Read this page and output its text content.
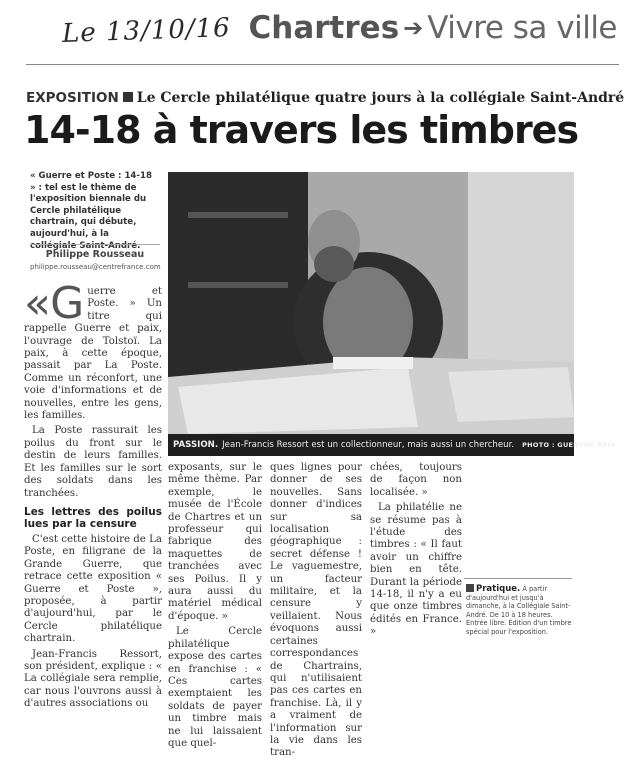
Le 13/10/16 Chartres ➔ Vivre sa ville
EXPOSITION Le Cercle philatélique quatre jours à la collégiale Saint-André
14-18 à travers les timbres
« Guerre et Poste : 14-18 » : tel est le thème de l'exposition biennale du Cercle philatélique chartrain, qui débute, aujourd'hui, à la collégiale Saint-André.
Philippe Rousseau
philippe.rousseau@centrefrance.com

«Guerre et Poste. » Un titre qui rappelle Guerre et paix, l'ouvrage de Tolstoï. La paix, à cette époque, passait par La Poste. Comme un réconfort, une voie d'informations et de nouvelles, entre les gens, les familles.

La Poste rassurait les poilus du front sur le destin de leurs familles. Et les familles sur le sort des soldats dans les tranchées.

Les lettres des poilus lues par la censure

C'est cette histoire de La Poste, en filigrane de la Grande Guerre, que retrace cette exposition « Guerre et Poste », proposée, à partir d'aujourd'hui, par le Cercle philatélique chartrain.

Jean-Francis Ressort, son président, explique : « La collégiale sera remplie, car nous l'ouvrons aussi à d'autres associations ou

PASSION. Jean-Francis Ressort est un collectionneur, mais aussi un chercheur. PHOTO : GUENTINI REIX

exposants, sur le même thème. Par exemple, le musée de l'École de Chartres et un professeur qui fabrique des maquettes de tranchées avec ses Poilus. Il y aura aussi du matériel médical d'époque. »

Le Cercle philatélique expose des cartes en franchise : « Ces cartes exemptaient les soldats de payer un timbre mais ne lui laissaient que quel-

ques lignes pour donner de ses nouvelles. Sans donner d'indices sur sa localisation géographique : secret défense ! Le vaguemestre, un facteur militaire, et la censure y veillaient. Nous évoquons aussi certaines correspondances de Chartrains, qui n'utilisaient pas ces cartes en franchise. Là, il y a vraiment de l'information sur la vie dans les tran-

chées, toujours de façon non localisée. »

La philatélie ne se résume pas à l'étude des timbres : « Il faut avoir un chiffre bien en tête. Durant la période 14-18, il n'y a eu que onze timbres édités en France. »

Pratique. À partir d'aujourd'hui et jusqu'à dimanche, à la Collégiale Saint-André. De 10 à 18 heures. Entrée libre. Édition d'un timbre spécial pour l'exposition.
